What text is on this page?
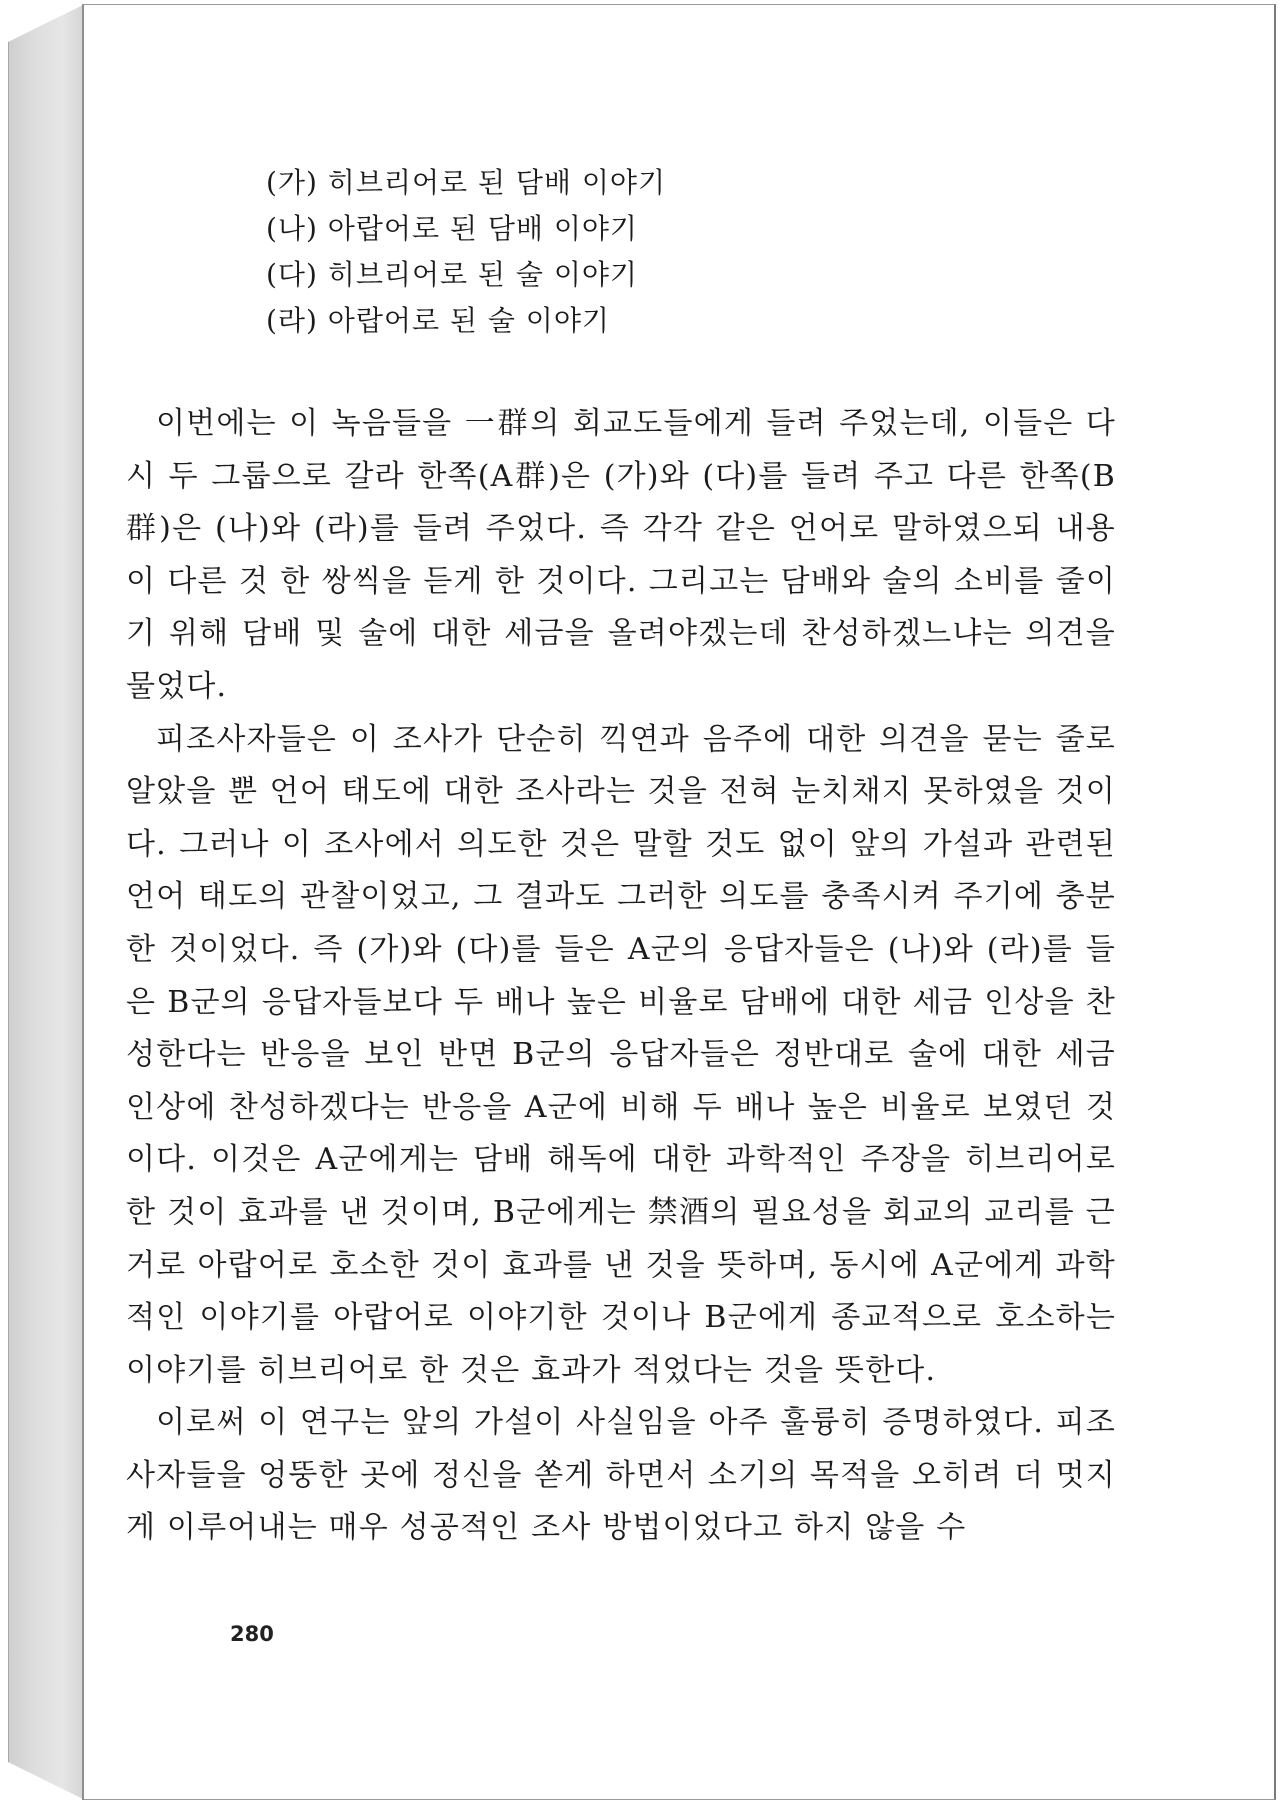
(가) 히브리어로 된 담배 이야기
(나) 아랍어로 된 담배 이야기
(다) 히브리어로 된 술 이야기
(라) 아랍어로 된 술 이야기

이번에는 이 녹음들을 一群의 회교도들에게 들려 주었는데, 이들은 다시 두 그룹으로 갈라 한쪽(A群)은 (가)와 (다)를 들려 주고 다른 한쪽(B群)은 (나)와 (라)를 들려 주었다. 즉 각각 같은 언어로 말하였으되 내용이 다른 것 한 쌍씩을 듣게 한 것이다. 그리고는 담배와 술의 소비를 줄이기 위해 담배 및 술에 대한 세금을 올려야겠는데 찬성하겠느냐는 의견을 물었다.

피조사자들은 이 조사가 단순히 끽연과 음주에 대한 의견을 묻는 줄로 알았을 뿐 언어 태도에 대한 조사라는 것을 전혀 눈치채지 못하였을 것이다. 그러나 이 조사에서 의도한 것은 말할 것도 없이 앞의 가설과 관련된 언어 태도의 관찰이었고, 그 결과도 그러한 의도를 충족시켜 주기에 충분한 것이었다. 즉 (가)와 (다)를 들은 A군의 응답자들은 (나)와 (라)를 들은 B군의 응답자들보다 두 배나 높은 비율로 담배에 대한 세금 인상을 찬성한다는 반응을 보인 반면 B군의 응답자들은 정반대로 술에 대한 세금 인상에 찬성하겠다는 반응을 A군에 비해 두 배나 높은 비율로 보였던 것이다. 이것은 A군에게는 담배 해독에 대한 과학적인 주장을 히브리어로 한 것이 효과를 낸 것이며, B군에게는 禁酒의 필요성을 회교의 교리를 근거로 아랍어로 호소한 것이 효과를 낸 것을 뜻하며, 동시에 A군에게 과학적인 이야기를 아랍어로 이야기한 것이나 B군에게 종교적으로 호소하는 이야기를 히브리어로 한 것은 효과가 적었다는 것을 뜻한다.

이로써 이 연구는 앞의 가설이 사실임을 아주 훌륭히 증명하였다. 피조사자들을 엉뚱한 곳에 정신을 쏟게 하면서 소기의 목적을 오히려 더 멋지게 이루어내는 매우 성공적인 조사 방법이었다고 하지 않을 수

280
